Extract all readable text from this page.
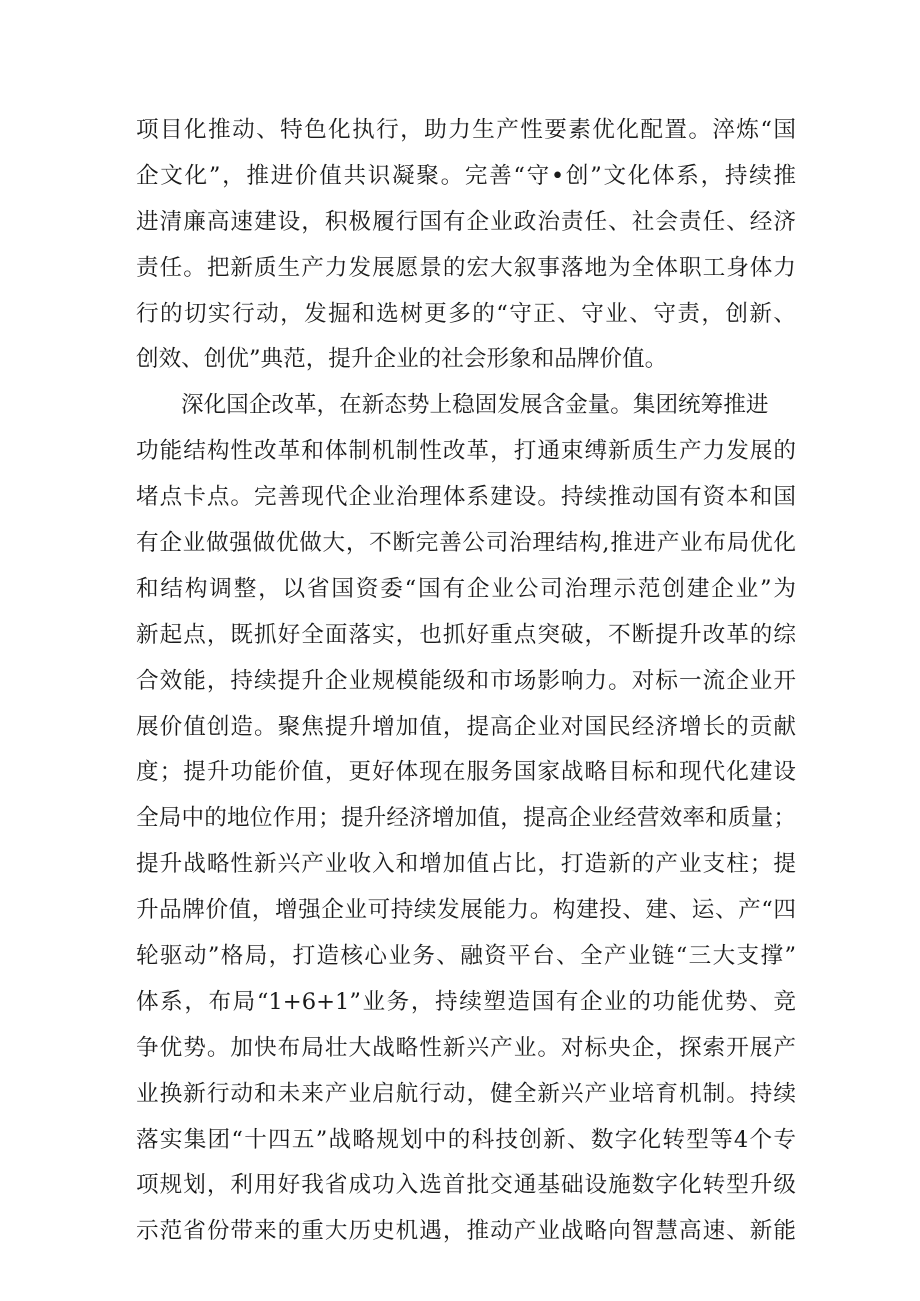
项目化推动、特色化执行，助力生产性要素优化配置。淬炼“国
企文化”，推进价值共识凝聚。完善“守•创”文化体系，持续推
进清廉高速建设，积极履行国有企业政治责任、社会责任、经济
责任。把新质生产力发展愿景的宏大叙事落地为全体职工身体力
行的切实行动，发掘和选树更多的“守正、守业、守责，创新、
创效、创优”典范，提升企业的社会形象和品牌价值。
深化国企改革，在新态势上稳固发展含金量。集团统筹推进
功能结构性改革和体制机制性改革，打通束缚新质生产力发展的
堵点卡点。完善现代企业治理体系建设。持续推动国有资本和国
有企业做强做优做大，不断完善公司治理结构,推进产业布局优化
和结构调整，以省国资委“国有企业公司治理示范创建企业”为
新起点，既抓好全面落实，也抓好重点突破，不断提升改革的综
合效能，持续提升企业规模能级和市场影响力。对标一流企业开
展价值创造。聚焦提升增加值，提高企业对国民经济增长的贡献
度；提升功能价值，更好体现在服务国家战略目标和现代化建设
全局中的地位作用；提升经济增加值，提高企业经营效率和质量；
提升战略性新兴产业收入和增加值占比，打造新的产业支柱；提
升品牌价值，增强企业可持续发展能力。构建投、建、运、产“四
轮驱动”格局，打造核心业务、融资平台、全产业链“三大支撑”
体系，布局“1+6+1”业务，持续塑造国有企业的功能优势、竞
争优势。加快布局壮大战略性新兴产业。对标央企，探索开展产
业换新行动和未来产业启航行动，健全新兴产业培育机制。持续
落实集团“十四五”战略规划中的科技创新、数字化转型等4个专
项规划，利用好我省成功入选首批交通基础设施数字化转型升级
示范省份带来的重大历史机遇，推动产业战略向智慧高速、新能
